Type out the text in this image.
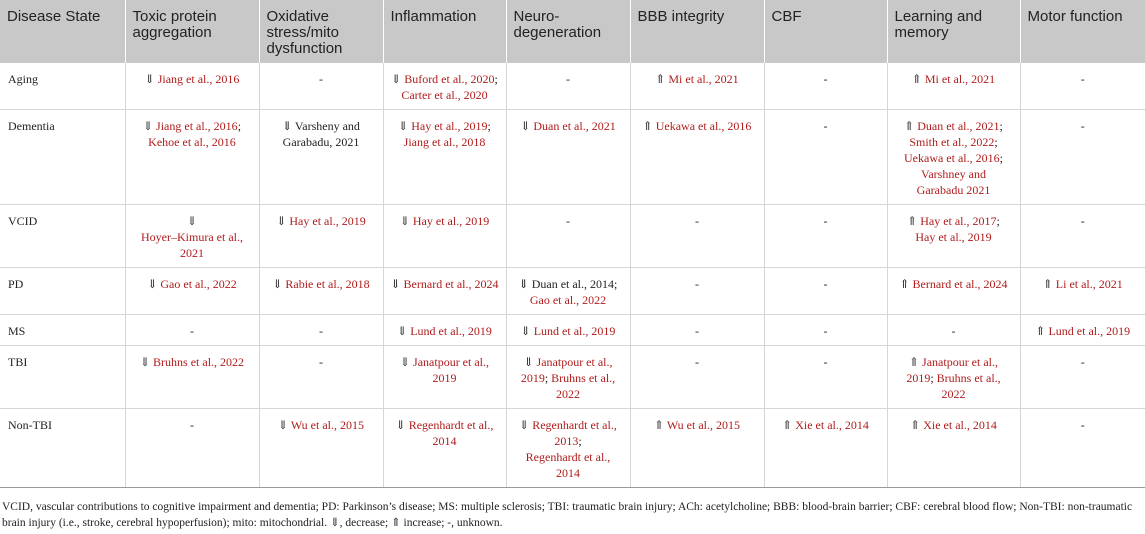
Disease State	Toxic protein aggregation	Oxidative stress/mito dysfunction	Inflammation	Neuro-degeneration	BBB integrity	CBF	Learning and memory	Motor function
Aging	⇓ Jiang et al., 2016	-	⇓ Buford et al., 2020;
Carter et al., 2020	-	⇑ Mi et al., 2021	-	⇑ Mi et al., 2021	-
Dementia	⇓ Jiang et al., 2016;
Kehoe et al., 2016	⇓ Varsheny and
Garabadu, 2021	⇓ Hay et al., 2019;
Jiang et al., 2018	⇓ Duan et al., 2021	⇑ Uekawa et al., 2016	-	⇑ Duan et al., 2021;
Smith et al., 2022;
Uekawa et al., 2016;
Varshney and
Garabadu 2021	-
VCID	⇓
Hoyer–Kimura et al.,
2021	⇓ Hay et al., 2019	⇓ Hay et al., 2019	-	-	-	⇑ Hay et al., 2017;
Hay et al., 2019	-
PD	⇓ Gao et al., 2022	⇓ Rabie et al., 2018	⇓ Bernard et al., 2024	⇓ Duan et al., 2014;
Gao et al., 2022	-	-	⇑ Bernard et al., 2024	⇑ Li et al., 2021
MS	-	-	⇓ Lund et al., 2019	⇓ Lund et al., 2019	-	-	-	⇑ Lund et al., 2019
TBI	⇓ Bruhns et al., 2022	-	⇓ Janatpour et al.,
2019	⇓ Janatpour et al.,
2019; Bruhns et al.,
2022	-	-	⇑ Janatpour et al.,
2019; Bruhns et al.,
2022	-
Non-TBI	-	⇓ Wu et al., 2015	⇓ Regenhardt et al.,
2014	⇓ Regenhardt et al.,
2013;
Regenhardt et al.,
2014	⇑ Wu et al., 2015	⇑ Xie et al., 2014	⇑ Xie et al., 2014	-
VCID, vascular contributions to cognitive impairment and dementia; PD: Parkinson’s disease; MS: multiple sclerosis; TBI: traumatic brain injury; ACh: acetylcholine; BBB: blood-brain barrier; CBF: cerebral blood flow; Non-TBI: non-traumatic brain injury (i.e., stroke, cerebral hypoperfusion); mito: mitochondrial. ⇓, decrease; ⇑ increase; -, unknown.
